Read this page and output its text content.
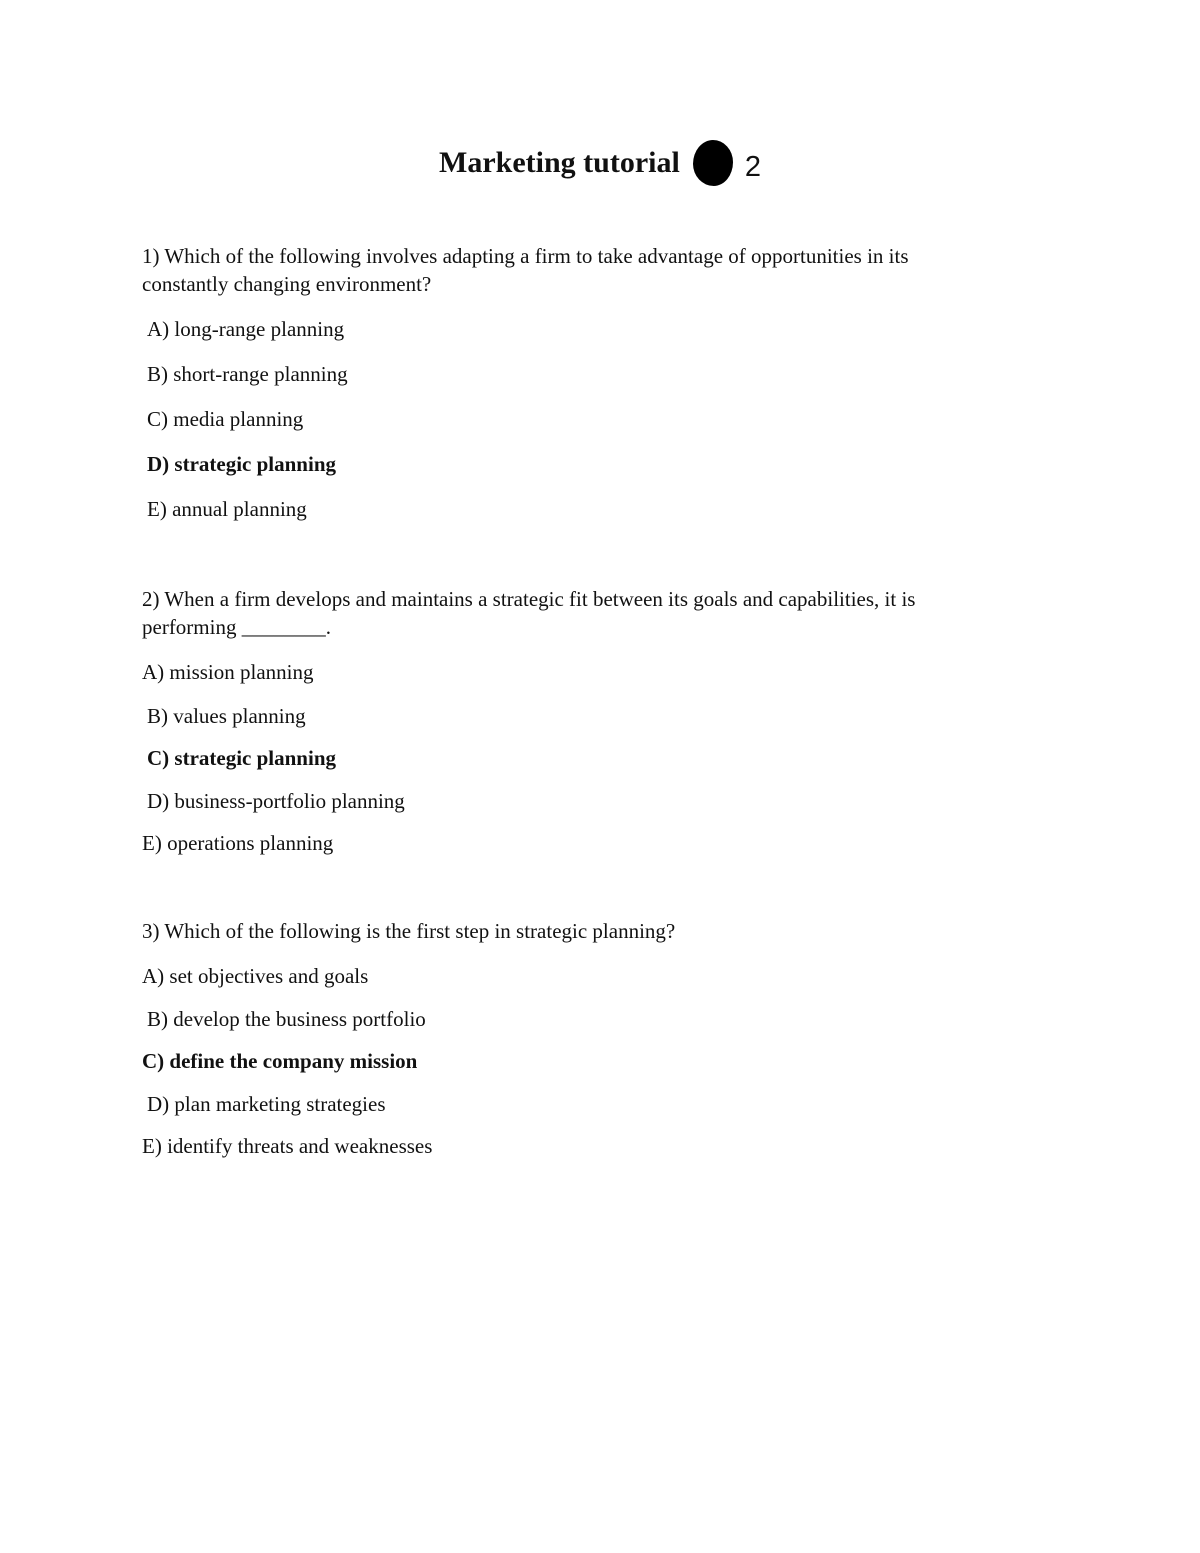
Marketing tutorial 2
1) Which of the following involves adapting a firm to take advantage of opportunities in its
constantly changing environment?
A) long-range planning
B) short-range planning
C) media planning
D) strategic planning
E) annual planning
2) When a firm develops and maintains a strategic fit between its goals and capabilities, it is
performing ________.
A) mission planning
B) values planning
C) strategic planning
D) business-portfolio planning
E) operations planning
3) Which of the following is the first step in strategic planning?
A) set objectives and goals
B) develop the business portfolio
C) define the company mission
D) plan marketing strategies
E) identify threats and weaknesses
